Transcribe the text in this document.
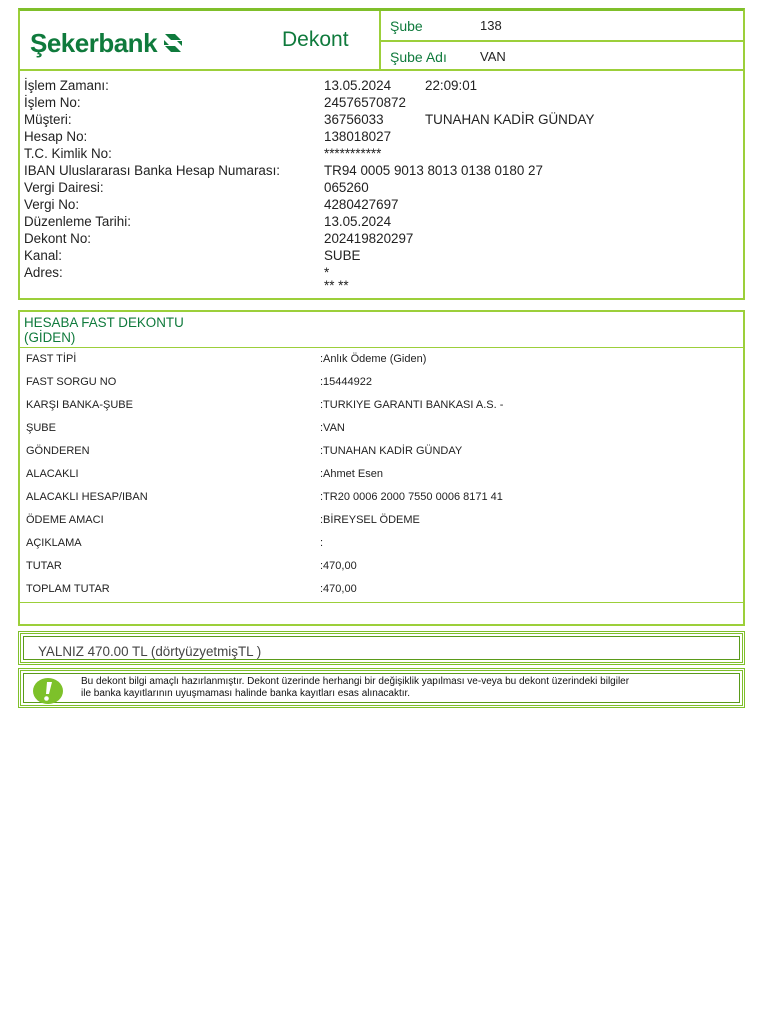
Şekerbank	Dekont
Şube	138
Şube Adı	VAN
İşlem Zamanı:	13.05.2024	22:09:01
İşlem No:	24576570872
Müşteri:	36756033	TUNAHAN KADİR GÜNDAY
Hesap No:	138018027
T.C. Kimlik No:	***********
IBAN Uluslararası Banka Hesap Numarası:	TR94 0005 9013 8013 0138 0180 27
Vergi Dairesi:	065260
Vergi No:	4280427697
Düzenleme Tarihi:	13.05.2024
Dekont No:	202419820297
Kanal:	SUBE
Adres:	*
** **
HESABA FAST DEKONTU
(GİDEN)
FAST TİPİ	:Anlık Ödeme (Giden)
FAST SORGU NO	:15444922
KARŞI BANKA-ŞUBE	:TURKIYE GARANTI BANKASI A.S. -
ŞUBE	:VAN
GÖNDEREN	:TUNAHAN KADİR GÜNDAY
ALACAKLI	:Ahmet Esen
ALACAKLI HESAP/IBAN	:TR20 0006 2000 7550 0006 8171 41
ÖDEME AMACI	:BİREYSEL ÖDEME
AÇIKLAMA	:
TUTAR	:470,00
TOPLAM TUTAR	:470,00
YALNIZ 470.00 TL (dörtyüzyetmişTL )
Bu dekont bilgi amaçlı hazırlanmıştır. Dekont üzerinde herhangi bir değişiklik yapılması ve-veya bu dekont üzerindeki bilgiler
ile banka kayıtlarının uyuşmaması halinde banka kayıtları esas alınacaktır.
